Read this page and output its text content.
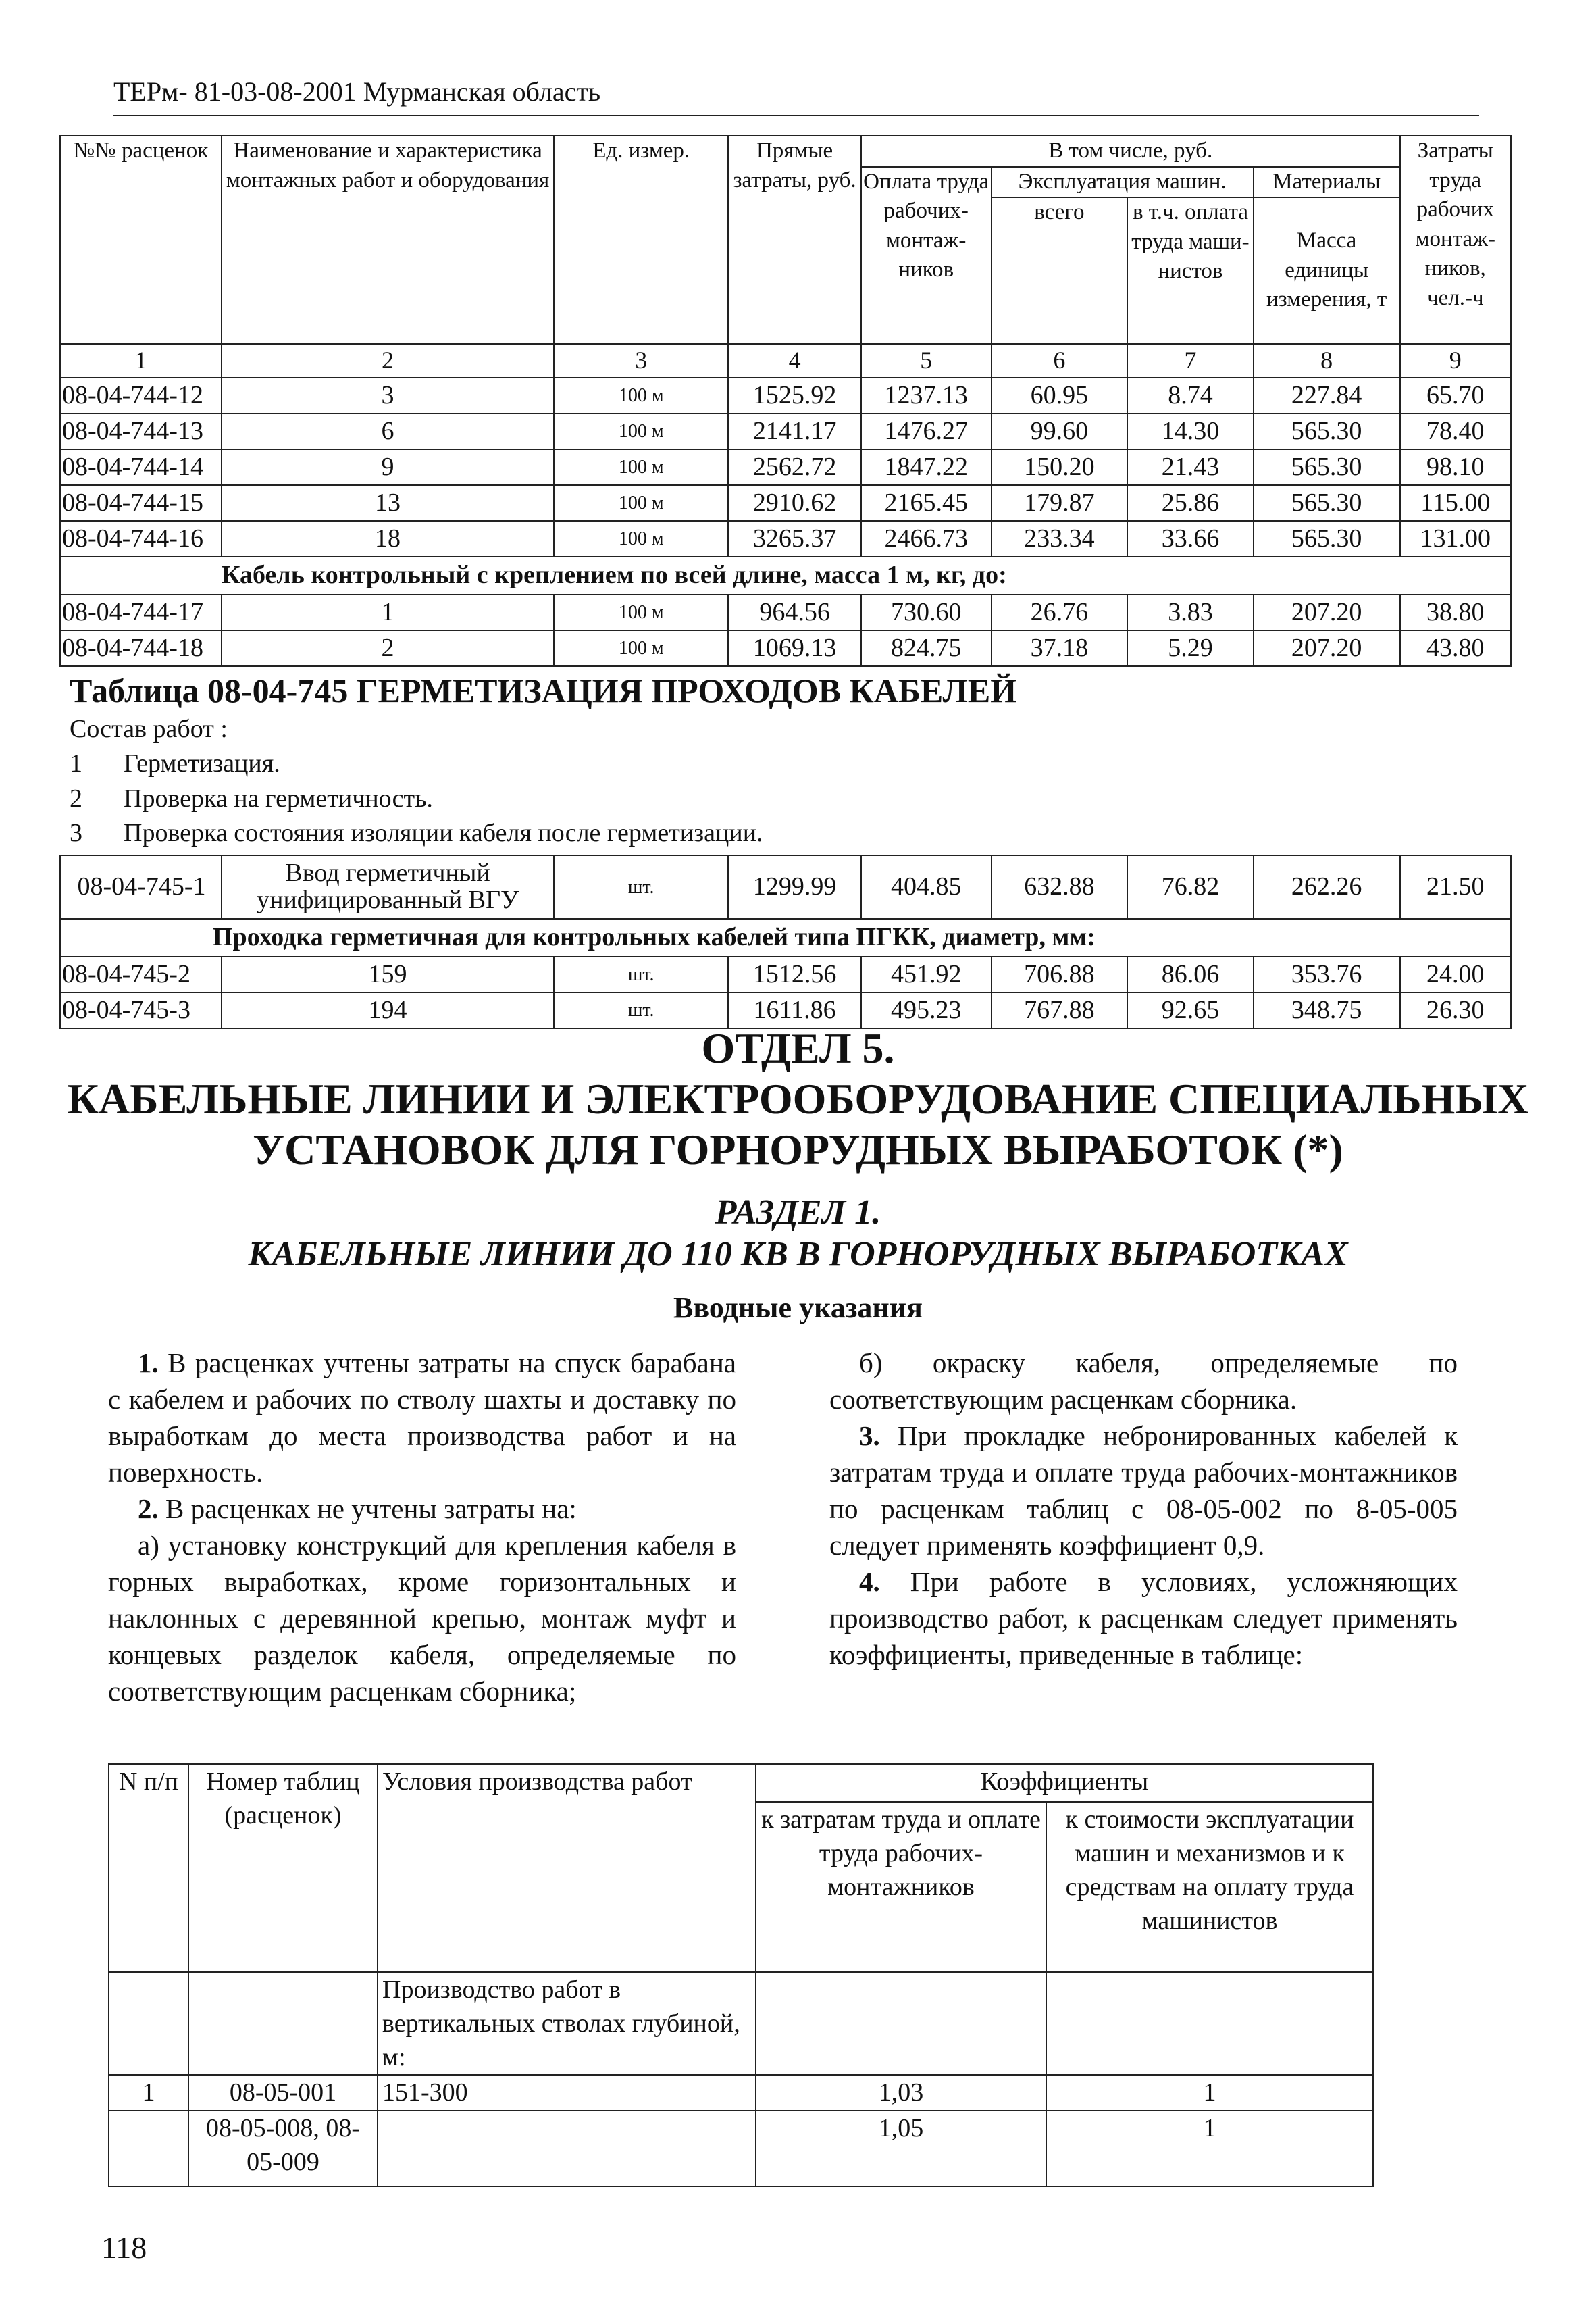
ТЕРм- 81-03-08-2001 Мурманская область
№№ расценок	Наименование и характеристика монтажных работ и оборудования	Ед. измер.	Прямые затраты, руб.	В том числе, руб.				Затраты труда рабочих монтаж-ников, чел.-ч
				Оплата труда рабочих-монтаж-ников	Эксплуатация машин.		Материалы	
					всего	в т.ч. оплата труда маши-нистов	Масса единицы измерения, т	
1	2	3	4	5	6	7	8	9
08-04-744-12	3	100 м	1525.92	1237.13	60.95	8.74	227.84	65.70
08-04-744-13	6	100 м	2141.17	1476.27	99.60	14.30	565.30	78.40
08-04-744-14	9	100 м	2562.72	1847.22	150.20	21.43	565.30	98.10
08-04-744-15	13	100 м	2910.62	2165.45	179.87	25.86	565.30	115.00
08-04-744-16	18	100 м	3265.37	2466.73	233.34	33.66	565.30	131.00
Кабель контрольный с креплением по всей длине, масса 1 м, кг, до:								
08-04-744-17	1	100 м	964.56	730.60	26.76	3.83	207.20	38.80
08-04-744-18	2	100 м	1069.13	824.75	37.18	5.29	207.20	43.80

Таблица 08-04-745 ГЕРМЕТИЗАЦИЯ ПРОХОДОВ КАБЕЛЕЙ
Состав работ :
1 Герметизация.
2 Проверка на герметичность.
3 Проверка состояния изоляции кабеля после герметизации.								

08-04-745-1	Ввод герметичный унифицированный ВГУ	шт.	1299.99	404.85	632.88	76.82	262.26	21.50
Проходка герметичная для контрольных кабелей типа ПГКК, диаметр, мм:								
08-04-745-2	159	шт.	1512.56	451.92	706.88	86.06	353.76	24.00
08-04-745-3	194	шт.	1611.86	495.23	767.88	92.65	348.75	26.30
ОТДЕЛ 5.
КАБЕЛЬНЫЕ ЛИНИИ И ЭЛЕКТРООБОРУДОВАНИЕ СПЕЦИАЛЬНЫХ
УСТАНОВОК ДЛЯ ГОРНОРУДНЫХ ВЫРАБОТОК (*)
РАЗДЕЛ 1.
КАБЕЛЬНЫЕ ЛИНИИ ДО 110 КВ В ГОРНОРУДНЫХ ВЫРАБОТКАХ
Вводные указания

1. В расценках учтены затраты на спуск барабана с кабелем и рабочих по стволу шахты и доставку по выработкам до места производства работ и на поверхность.

2. В расценках не учтены затраты на:

а) установку конструкций для крепления кабеля в горных выработках, кроме горизонтальных и наклонных с деревянной крепью, монтаж муфт и концевых разделок кабеля, определяемые по соответствующим расценкам сборника;

б) окраску кабеля, определяемые по соответствующим расценкам сборника.

3. При прокладке небронированных кабелей к затратам труда и оплате труда рабочих-монтажников по расценкам таблиц с 08-05-002 по 8-05-005 следует применять коэффициент 0,9.

4. При работе в условиях, усложняющих производство работ, к расценкам следует применять коэффициенты, приведенные в таблице:

N п/п	Номер таблиц (расценок)	Условия производства работ	Коэффициенты	
			к затратам труда и оплате труда рабочих-монтажников	к стоимости эксплуатации машин и механизмов и к средствам на оплату труда машинистов
		Производство работ в вертикальных стволах глубиной, м:		
1	08-05-001	151-300	1,03	1
	08-05-008, 08-05-009		1,05	1
118
